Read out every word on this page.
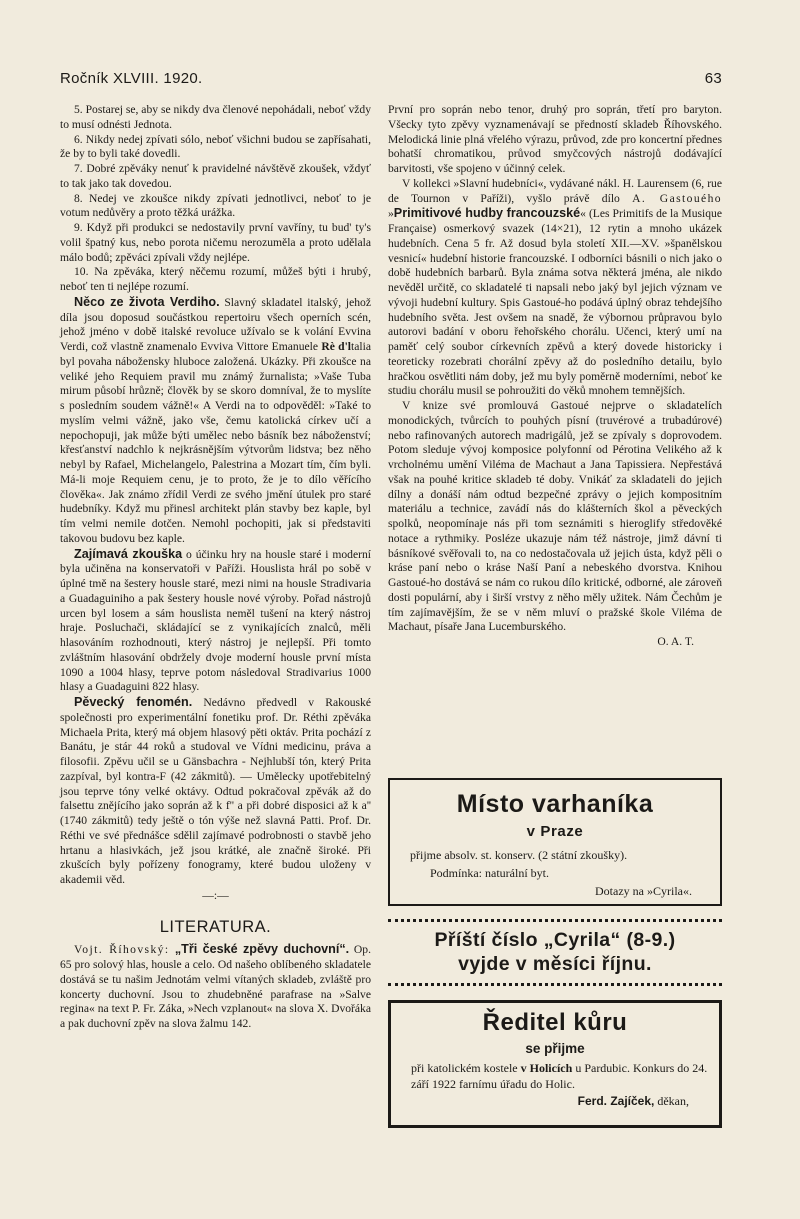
Ročník XLVIII. 1920.	63

5. Postarej se, aby se nikdy dva členové nepohádali, neboť vždy to musí odnésti Jednota.

6. Nikdy nedej zpívati sólo, neboť všichni budou se zapřísahati, že by to byli také dovedli.

7. Dobré zpěváky nenuť k pravidelné návštěvě zkoušek, vždyť to tak jako tak dovedou.

8. Nedej ve zkoušce nikdy zpívati jednotlivci, neboť to je votum nedůvěry a proto těžká urážka.

9. Když při produkci se nedostavily první vavříny, tu bud' ty's volil špatný kus, nebo porota ničemu nerozuměla a proto udělala málo bodů; zpěváci zpívali vždy nejlépe.

10. Na zpěváka, který něčemu rozumí, můžeš býti i hrubý, neboť ten ti nejlépe rozumí.

Něco ze života Verdiho. Slavný skladatel italský, jehož díla jsou doposud součástkou repertoiru všech operních scén, jehož jméno v době italské revoluce užívalo se k volání Evvina Verdi, což vlastně znamenalo Evviva Vittore Emanuele Rè d'ltalia byl povaha nábožensky hluboce založená. Ukázky. Při zkoušce na veliké jeho Requiem pravil mu známý žurnalista; »Vaše Tuba mirum působí hrůzně; člověk by se skoro domníval, že to myslíte s posledním soudem vážně!« A Verdi na to odpověděl: »Také to myslím velmi vážně, jako vše, čemu katolická církev učí a nepochopuji, jak může býti umělec nebo básník bez náboženství; křesťanství nadchlo k nejkrásnějším výtvorům lidstva; bez něho nebyl by Rafael, Michelangelo, Palestrina a Mozart tím, čím byli. Má-li moje Requiem cenu, je to proto, že je to dílo věřícího člověka«. Jak známo zřídil Verdi ze svého jmění útulek pro staré hudebníky. Když mu přinesl architekt plán stavby bez kaple, byl tím velmi nemile dotčen. Nemohl pochopiti, jak si představiti takovou budovu bez kaple.

Zajímavá zkouška o účinku hry na housle staré i moderní byla učiněna na konservatoři v Paříži. Houslista hrál po sobě v úplné tmě na šestery housle staré, mezi nimi na housle Stradivaria a Guadaguiniho a pak šestery housle nové výroby. Pořad nástrojů urcen byl losem a sám houslista neměl tušení na který nástroj hraje. Posluchači, skládající se z vynikajících znalců, měli hlasováním rozhodnouti, který nástroj je nejlepší. Při tomto zvláštním hlasování obdržely dvoje moderní housle první místa 1090 a 1004 hlasy, teprve potom následoval Stradivarius 1000 hlasy a Guadaguini 822 hlasy.

Pěvecký fenomén. Nedávno předvedl v Rakouské společnosti pro experimentální fonetiku prof. Dr. Réthi zpěváka Michaela Prita, který má objem hlasový pěti oktáv. Prita pochází z Banátu, je stár 44 roků a studoval ve Vídni medicinu, práva a filosofii. Zpěvu učil se u Gänsbachra - Nejhlubší tón, který Prita zazpíval, byl kontra-F (42 zákmitů). — Umělecky upotřebitelný jsou teprve tóny velké oktávy. Odtud pokračoval zpěvák až do falsettu znějícího jako soprán až k f'' a při dobré disposici až k a'' (1740 zákmitů) tedy ještě o tón výše než slavná Patti. Prof. Dr. Réthi ve své přednášce sdělil zajímavé podrobnosti o stavbě jeho hrtanu a hlasivkách, jež jsou krátké, ale značně široké. Při zkušcích byly pořízeny fonogramy, které budou uloženy v akademii věd.

—:—
LITERATURA.

Vojt. Říhovský: „Tři české zpěvy duchovní“. Op. 65 pro solový hlas, housle a celo. Od našeho oblíbeného skladatele dostává se tu našim Jednotám velmi vítaných skladeb, zvláště pro koncerty duchovní. Jsou to zhudebněné parafrase na »Salve regina« na text P. Fr. Záka, »Nech vzplanout« na slova X. Dvořáka a pak duchovní zpěv na slova žalmu 142.

První pro soprán nebo tenor, druhý pro soprán, třetí pro baryton. Všecky tyto zpěvy vyznamenávají se předností skladeb Říhovského. Melodická linie plná vřelého výrazu, průvod, zde pro koncertní přednes bohatší chromatikou, průvod smyčcových nástrojů dodávající barvitosti, vše spojeno v účinný celek.

V kollekci »Slavní hudebníci«, vydávané nákl. H. Laurensem (6, rue de Tournon v Paříži), vyšlo právě dílo A. Gastouého »Primitivové hudby francouzské« (Les Primitifs de la Musique Française) osmerkový svazek (14×21), 12 rytin a mnoho ukázek hudebních. Cena 5 fr. Až dosud byla století XII.—XV. »španělskou vesnicí« hudební historie francouzské. I odborníci básnili o nich jako o době hudebních barbarů. Byla známa sotva některá jména, ale nikdo nevěděl určitě, co skladatelé ti napsali nebo jaký byl jejich význam ve vývoji hudební kultury. Spis Gastoué-ho podává úplný obraz tehdejšího hudebního světa. Jest ovšem na snadě, že výbornou průpravou bylo autorovi badání v oboru řehořského chorálu. Učenci, který umí na paměť celý soubor církevních zpěvů a který dovede historicky i teoreticky rozebrati chorální zpěvy až do posledního detailu, bylo hračkou osvětliti nám doby, jež mu byly poměrně moderními, neboť ke studiu chorálu musil se pohroužiti do věků mnohem temnějších.

V knize své promlouvá Gastoué nejprve o skladatelích monodických, tvůrcích to pouhých písní (truvérové a trubadúrové) nebo rafinovaných autorech madrigálů, jež se zpívaly s doprovodem. Potom sleduje vývoj komposice polyfonní od Pérotina Velikého až k vrcholnému umění Viléma de Machaut a Jana Tapissiera. Nepřestává však na pouhé kritice skladeb té doby. Vnikáť za skladateli do jejich dílny a donáší nám odtud bezpečné zprávy o jejich kompositním materiálu a technice, zavádí nás do klášterních škol a pěveckých spolků, neopomínaje nás při tom seznámiti s hieroglify středověké notace a rythmiky. Posléze ukazuje nám též nástroje, jimž dávní ti básníkové svěřovali to, na co nedostačovala už jejich ústa, když pěli o kráse paní nebo o kráse Naší Paní a nebeského dvorstva. Knihou Gastoué-ho dostává se nám co rukou dílo kritické, odborné, ale zároveň dosti populární, aby i širší vrstvy z něho měly užitek. Nám Čechům je tím zajímavějším, že se v něm mluví o pražské škole Viléma de Machaut, písaře Jana Lucemburského.

O. A. T.
Místo varhaníka
v Praze
přijme absolv. st. konserv. (2 státní zkoušky).
Podmínka: naturální byt.
Dotazy na »Cyrila«.
Příští číslo „Cyrila“ (8-9.)
vyjde v měsíci říjnu.
Ředitel kůru
se přijme
při katolickém kostele v Holicích u Pardubic. Konkurs do 24. září 1922 farnímu úřadu do Holic.
Ferd. Zajíček, děkan,
